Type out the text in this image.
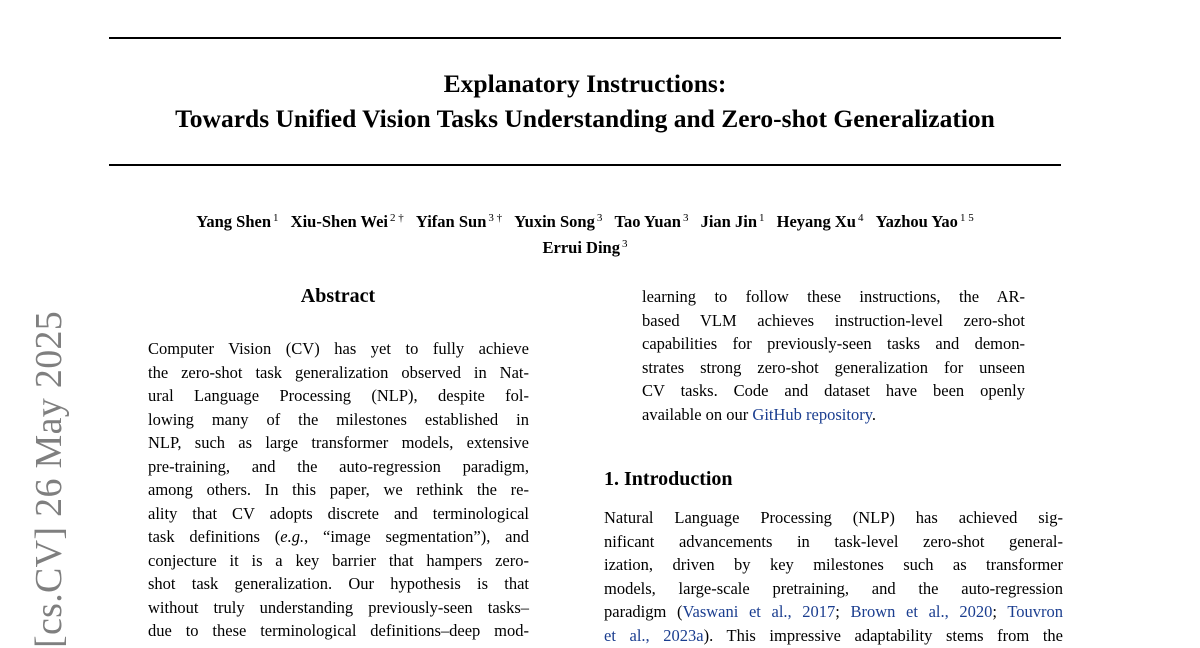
Explanatory Instructions:
Towards Unified Vision Tasks Understanding and Zero-shot Generalization
Yang Shen $^1$ Xiu-Shen Wei $^{2 \dagger}$ Yifan Sun $^{3 \dagger}$ Yuxin Song $^3$ Tao Yuan $^3$ Jian Jin $^1$ Heyang Xu $^4$ Yazhou Yao $^{1 5}$
Errui Ding $^3$
[cs.CV] 26 May 2025
Abstract

Computer Vision (CV) has yet to fully achieve
the zero-shot task generalization observed in Nat-
ural Language Processing (NLP), despite fol-
lowing many of the milestones established in
NLP, such as large transformer models, extensive
pre-training, and the auto-regression paradigm,
among others. In this paper, we rethink the re-
ality that CV adopts discrete and terminological
task definitions (e.g., “image segmentation”), and
conjecture it is a key barrier that hampers zero-
shot task generalization. Our hypothesis is that
without truly understanding previously-seen tasks–
due to these terminological definitions–deep mod-

learning to follow these instructions, the AR-
based VLM achieves instruction-level zero-shot
capabilities for previously-seen tasks and demon-
strates strong zero-shot generalization for unseen
CV tasks. Code and dataset have been openly
available on our GitHub repository.

1. Introduction

Natural Language Processing (NLP) has achieved sig-
nificant advancements in task-level zero-shot general-
ization, driven by key milestones such as transformer
models, large-scale pretraining, and the auto-regression
paradigm (Vaswani et al., 2017; Brown et al., 2020; Touvron
et al., 2023a). This impressive adaptability stems from the
